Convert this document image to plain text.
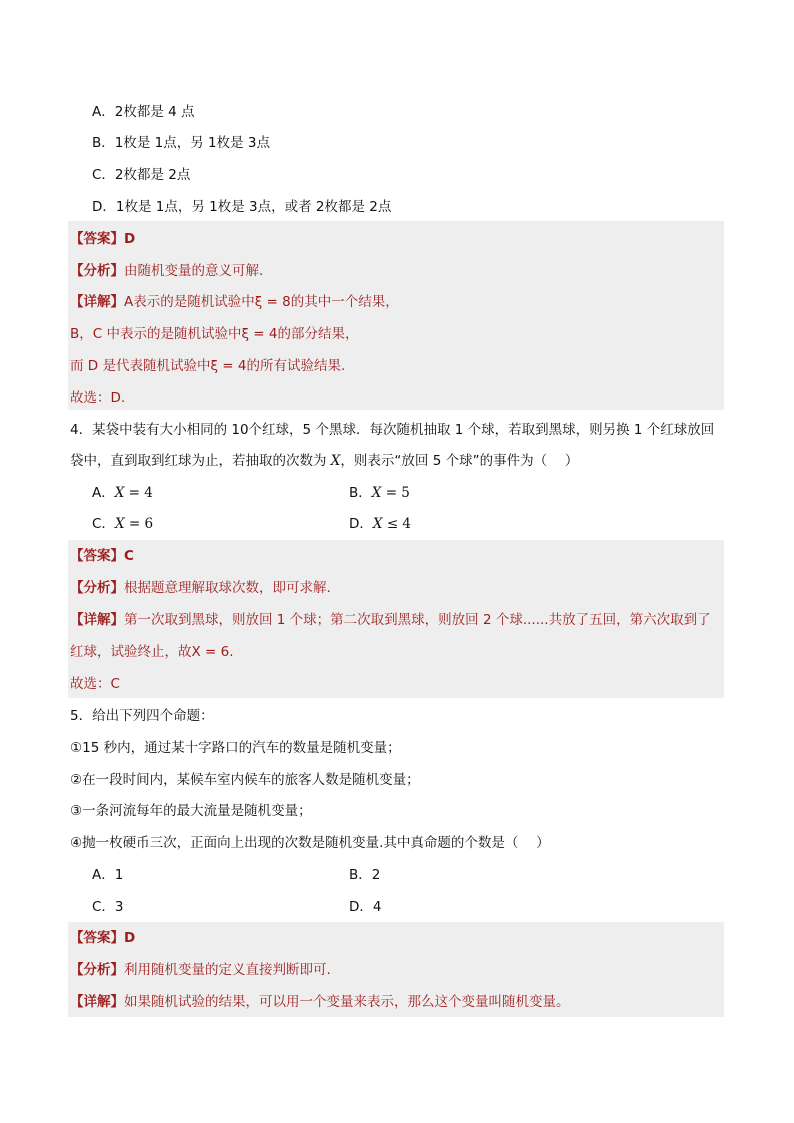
A．2枚都是 4 点
B．1枚是 1点，另 1枚是 3点
C．2枚都是 2点
D．1枚是 1点，另 1枚是 3点，或者 2枚都是 2点
【答案】D
【分析】由随机变量的意义可解.
【详解】A表示的是随机试验中ξ = 8的其中一个结果，
B，C 中表示的是随机试验中ξ = 4的部分结果，
而 D 是代表随机试验中ξ = 4的所有试验结果.
故选：D.
4．某袋中装有大小相同的 10个红球，5 个黑球．每次随机抽取 1 个球，若取到黑球，则另换 1 个红球放回
袋中，直到取到红球为止，若抽取的次数为 X，则表示“放回 5 个球”的事件为（　 ）
A．X = 4	B．X = 5
C．X = 6	D．X ≤ 4
【答案】C
【分析】根据题意理解取球次数，即可求解.
【详解】第一次取到黑球，则放回 1 个球；第二次取到黑球，则放回 2 个球......共放了五回，第六次取到了
红球，试验终止，故X = 6.
故选：C
5．给出下列四个命题：
①15 秒内，通过某十字路口的汽车的数量是随机变量；
②在一段时间内，某候车室内候车的旅客人数是随机变量；
③一条河流每年的最大流量是随机变量；
④抛一枚硬币三次，正面向上出现的次数是随机变量.其中真命题的个数是（　 ）
A．1	B．2
C．3	D．4
【答案】D
【分析】利用随机变量的定义直接判断即可.
【详解】如果随机试验的结果，可以用一个变量来表示，那么这个变量叫随机变量。
